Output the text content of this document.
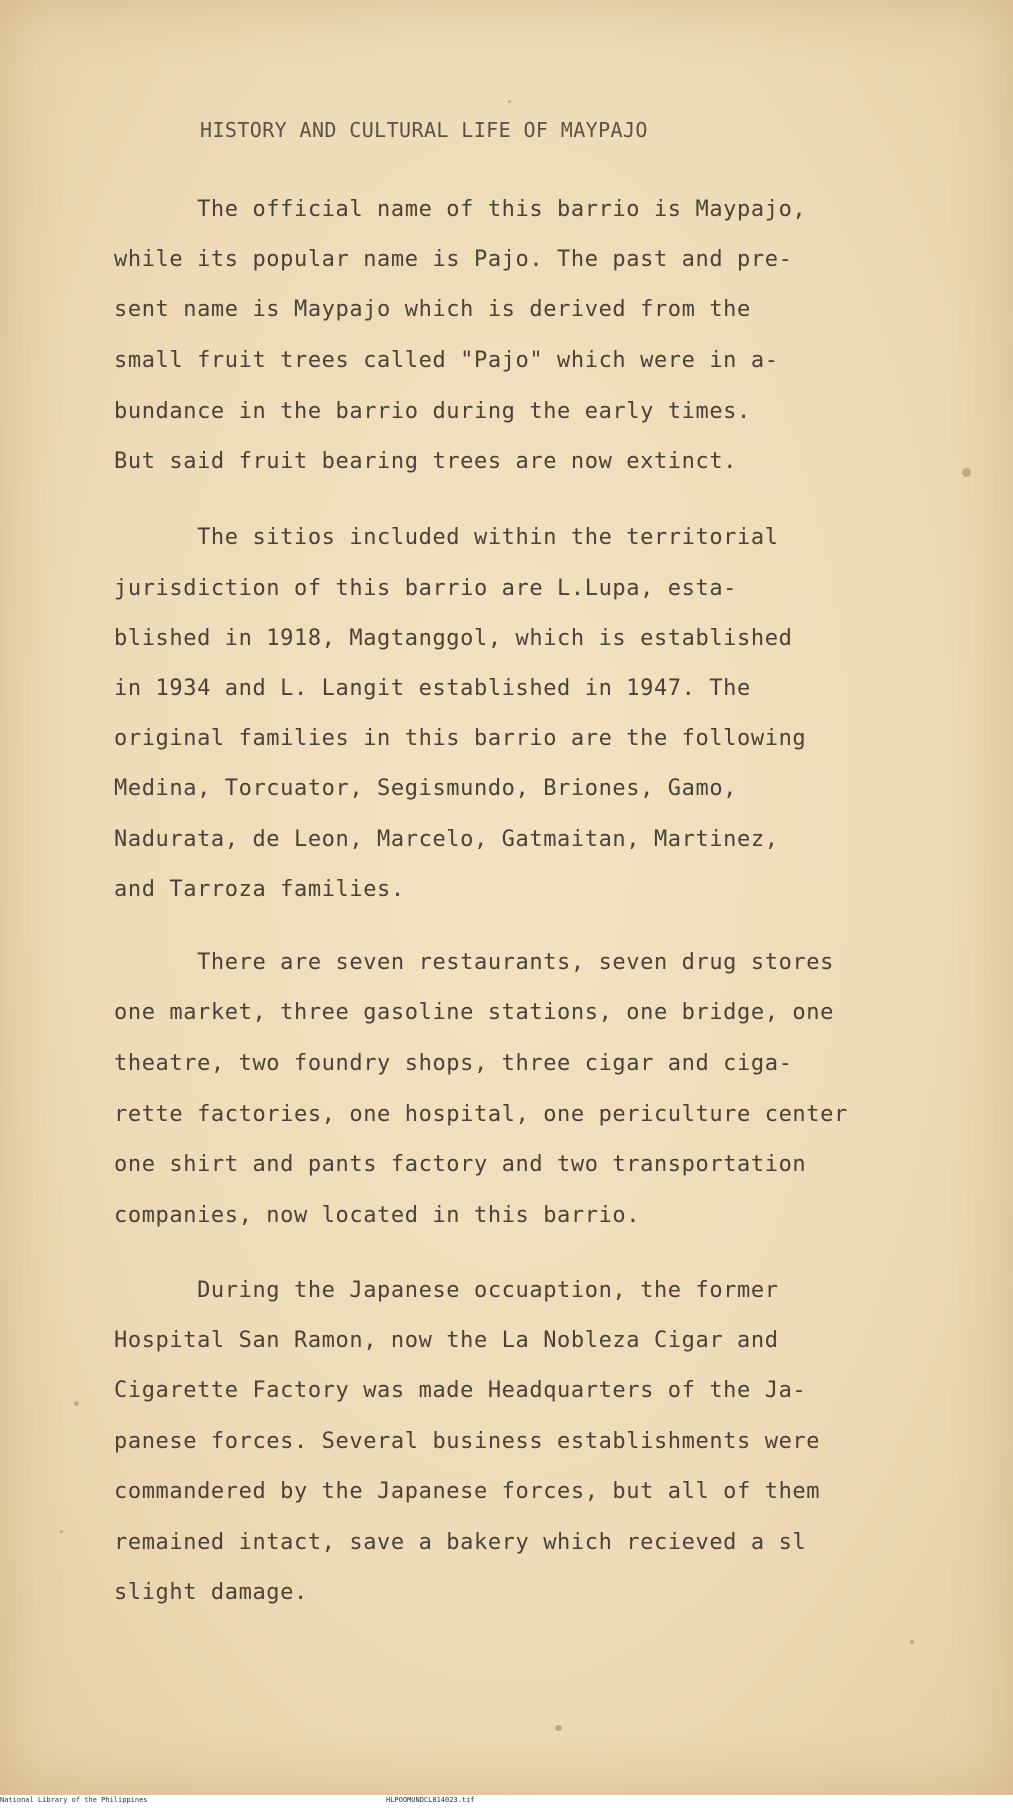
HISTORY AND CULTURAL LIFE OF MAYPAJO
The official name of this barrio is Maypajo,
while its popular name is Pajo. The past and pre-
sent name is Maypajo which is derived from the
small fruit trees called "Pajo" which were in a-
bundance in the barrio during the early times.
But said fruit bearing trees are now extinct.
The sitios included within the territorial
jurisdiction of this barrio are L.Lupa, esta-
blished in 1918, Magtanggol, which is established
in 1934 and L. Langit established in 1947. The
original families in this barrio are the following
Medina, Torcuator, Segismundo, Briones, Gamo,
Nadurata, de Leon, Marcelo, Gatmaitan, Martinez,
and Tarroza families.
There are seven restaurants, seven drug stores
one market, three gasoline stations, one bridge, one
theatre, two foundry shops, three cigar and ciga-
rette factories, one hospital, one periculture center
one shirt and pants factory and two transportation
companies, now located in this barrio.
During the Japanese occuaption, the former
Hospital San Ramon, now the La Nobleza Cigar and
Cigarette Factory was made Headquarters of the Ja-
panese forces. Several business establishments were
commandered by the Japanese forces, but all of them
remained intact, save a bakery which recieved a sl
slight damage.
National Library of the Philippines	HLPOOMUNDCL814023.tif
